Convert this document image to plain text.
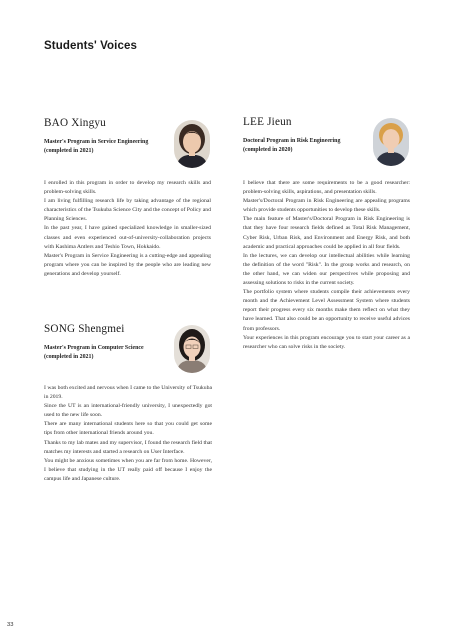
Students' Voices
BAO Xingyu
Master's Program in Service Engineering
(completed in 2021)

I enrolled in this program in order to develop my research skills and problem-solving skills.

I am living fulfilling research life by taking advantage of the regional characteristics of the Tsukuba Science City and the concept of Policy and Planning Sciences.

In the past year, I have gained specialized knowledge in smaller-sized classes and even experienced out-of-university-collaboration projects with Kashima Antlers and Teshio Town, Hokkaido.

Master's Program in Service Engineering is a cutting-edge and appealing program where you can be inspired by the people who are leading new generations and develop yourself.

LEE Jieun
Doctoral Program in Risk Engineering
(completed in 2020)

I believe that there are some requirements to be a good researcher: problem-solving skills, aspirations, and presentation skills.

Master's/Doctoral Program in Risk Engineering are appealing programs which provide students opportunities to develop these skills.

The main feature of Master's/Doctoral Program in Risk Engineering is that they have four research fields defined as Total Risk Management, Cyber Risk, Urban Risk, and Environment and Energy Risk, and both academic and practical approaches could be applied in all four fields.

In the lectures, we can develop our intellectual abilities while learning the definition of the word "Risk". In the group works and research, on the other hand, we can widen our perspectives while proposing and assessing solutions to risks in the current society.

The portfolio system where students compile their achievements every month and the Achievement Level Assessment System where students report their progress every six months make them reflect on what they have learned. That also could be an opportunity to receive useful advices from professors.

Your experiences in this program encourage you to start your career as a researcher who can solve risks in the society.

SONG Shengmei
Master's Program in Computer Science
(completed in 2021)

I was both excited and nervous when I came to the University of Tsukuba in 2019.

Since the UT is an international-friendly university, I unexpectedly got used to the new life soon.

There are many international students here so that you could get some tips from other international friends around you.

Thanks to my lab mates and my supervisor, I found the research field that matches my interests and started a research on User Interface.

You might be anxious sometimes when you are far from home. However, I believe that studying in the UT really paid off because I enjoy the campus life and Japanese culture.

33
